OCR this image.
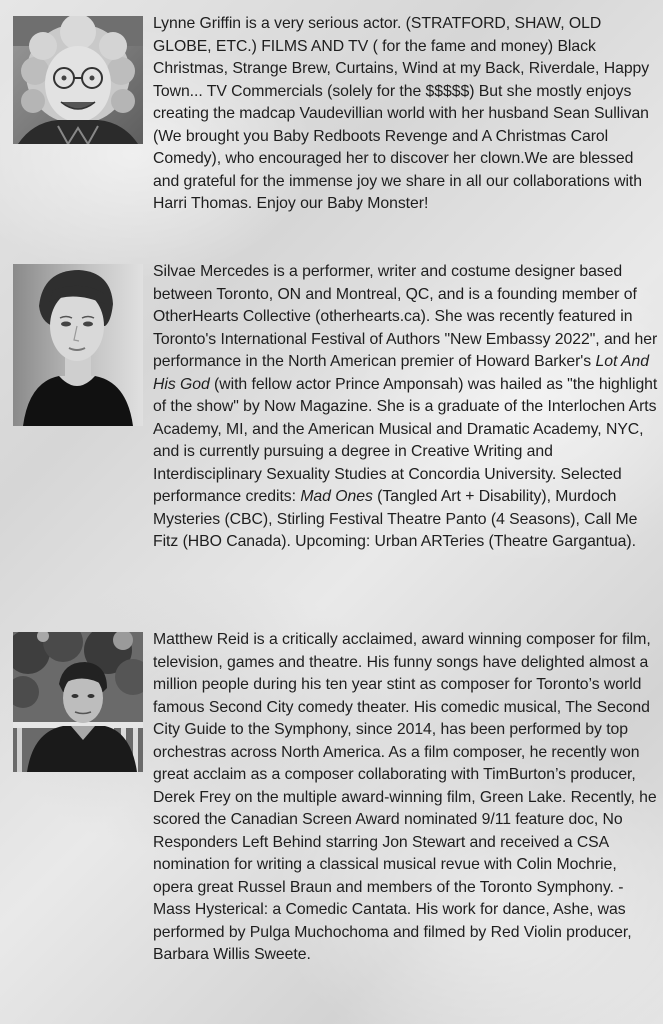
Lynne Griffin is a very serious actor. (STRATFORD, SHAW, OLD GLOBE, ETC.) FILMS AND TV ( for the fame and money) Black Christmas, Strange Brew, Curtains, Wind at my Back, Riverdale, Happy Town... TV Commercials (solely for the $$$$$) But she mostly enjoys creating the madcap Vaudevillian world with her husband Sean Sullivan (We brought you Baby Redboots Revenge and A Christmas Carol Comedy), who encouraged her to discover her clown.We are blessed and grateful for the immense joy we share in all our collaborations with Harri Thomas. Enjoy our Baby Monster!

Silvae Mercedes is a performer, writer and costume designer based between Toronto, ON and Montreal, QC, and is a founding member of OtherHearts Collective (otherhearts.ca). She was recently featured in Toronto's International Festival of Authors "New Embassy 2022", and her performance in the North American premier of Howard Barker's Lot And His God (with fellow actor Prince Amponsah) was hailed as "the highlight of the show" by Now Magazine. She is a graduate of the Interlochen Arts Academy, MI, and the American Musical and Dramatic Academy, NYC, and is currently pursuing a degree in Creative Writing and Interdisciplinary Sexuality Studies at Concordia University. Selected performance credits: Mad Ones (Tangled Art + Disability), Murdoch Mysteries (CBC), Stirling Festival Theatre Panto (4 Seasons), Call Me Fitz (HBO Canada). Upcoming: Urban ARTeries (Theatre Gargantua).

Matthew Reid is a critically acclaimed, award winning composer for film,
television, games and theatre. His funny songs have delighted almost a million people during his ten year stint as composer for Toronto’s world famous Second City comedy theater. His comedic musical, The Second City Guide to the Symphony, since 2014, has been performed by top orchestras across North America. As a film composer, he recently won great acclaim as a composer collaborating with TimBurton’s producer, Derek Frey on the multiple award-winning film, Green Lake. Recently, he scored the Canadian Screen Award nominated 9/11 feature doc, No Responders Left Behind starring Jon Stewart and received a CSA nomination for writing a classical musical revue with Colin Mochrie, opera great Russel Braun and members of the Toronto Symphony. - Mass Hysterical: a Comedic Cantata. His work for dance, Ashe, was performed by Pulga Muchochoma and filmed by Red Violin producer, Barbara Willis Sweete.
